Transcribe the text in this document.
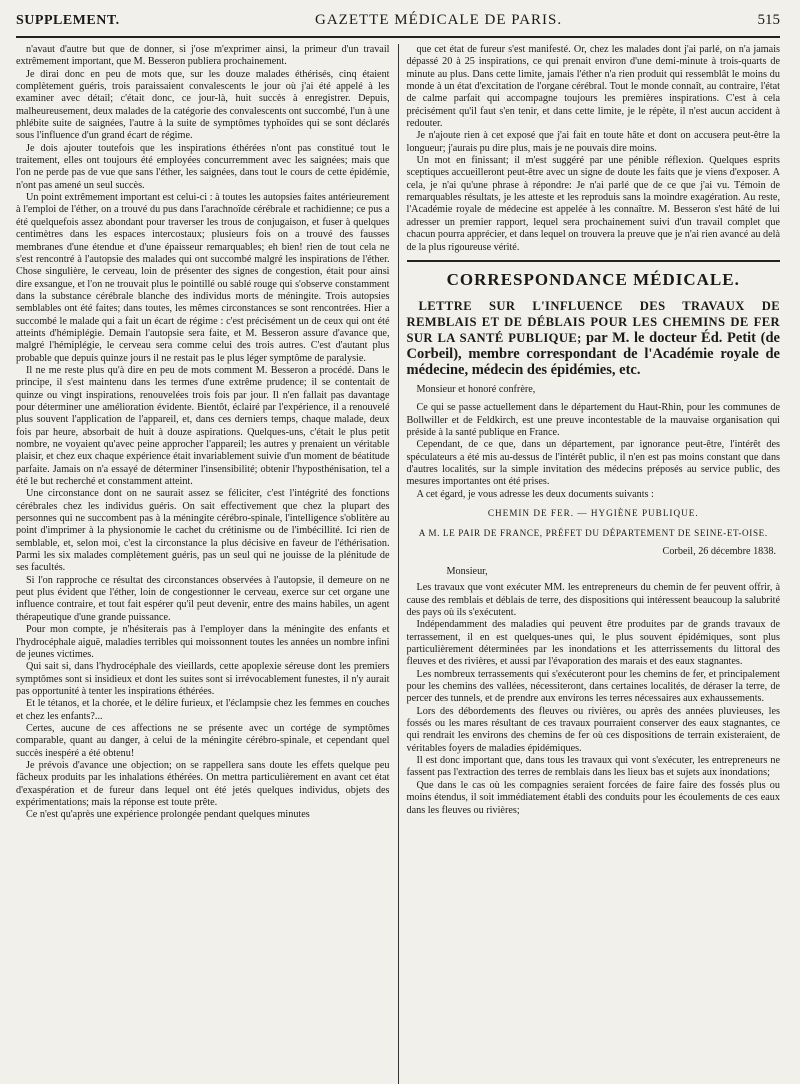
SUPPLEMENT.	GAZETTE MÉDICALE DE PARIS.	515

n'avaut d'autre but que de donner, si j'ose m'exprimer ainsi, la primeur d'un travail extrêmement important, que M. Besseron publiera prochainement.

Je dirai donc en peu de mots que, sur les douze malades éthérisés, cinq étaient complètement guéris, trois paraissaient convalescents le jour où j'ai été appelé à les examiner avec détail; c'était donc, ce jour-là, huit succès à enregistrer. Depuis, malheureusement, deux malades de la catégorie des convalescents ont succombé, l'un à une phlébite suite de saignées, l'autre à la suite de symptômes typhoïdes qui se sont déclarés sous l'influence d'un grand écart de régime.

Je dois ajouter toutefois que les inspirations éthérées n'ont pas constitué tout le traitement, elles ont toujours été employées concurremment avec les saignées; mais que l'on ne perde pas de vue que sans l'éther, les saignées, dans tout le cours de cette épidémie, n'ont pas amené un seul succès.

Un point extrêmement important est celui-ci : à toutes les autopsies faites antérieurement à l'emploi de l'éther, on a trouvé du pus dans l'arachnoïde cérébrale et rachidienne; ce pus a été quelquefois assez abondant pour traverser les trous de conjugaison, et fuser à quelques centimètres dans les espaces intercostaux; plusieurs fois on a trouvé des fausses membranes d'une étendue et d'une épaisseur remarquables; eh bien! rien de tout cela ne s'est rencontré à l'autopsie des malades qui ont succombé malgré les inspirations de l'éther. Chose singulière, le cerveau, loin de présenter des signes de congestion, était pour ainsi dire exsangue, et l'on ne trouvait plus le pointillé ou sablé rouge qui s'observe constamment dans la substance cérébrale blanche des individus morts de méningite. Trois autopsies semblables ont été faites; dans toutes, les mêmes circonstances se sont rencontrées. Hier a succombé le malade qui a fait un écart de régime : c'est précisément un de ceux qui ont été atteints d'hémiplégie. Demain l'autopsie sera faite, et M. Besseron assure d'avance que, malgré l'hémiplégie, le cerveau sera comme celui des trois autres. C'est d'autant plus probable que depuis quinze jours il ne restait pas le plus léger symptôme de paralysie.

Il ne me reste plus qu'à dire en peu de mots comment M. Besseron a procédé. Dans le principe, il s'est maintenu dans les termes d'une extrême prudence; il se contentait de quinze ou vingt inspirations, renouvelées trois fois par jour. Il n'en fallait pas davantage pour déterminer une amélioration évidente. Bientôt, éclairé par l'expérience, il a renouvelé plus souvent l'application de l'appareil, et, dans ces derniers temps, chaque malade, deux fois par heure, absorbait de huit à douze aspirations. Quelques-uns, c'était le plus petit nombre, ne voyaient qu'avec peine approcher l'appareil; les autres y prenaient un véritable plaisir, et chez eux chaque expérience était invariablement suivie d'un moment de béatitude parfaite. Jamais on n'a essayé de déterminer l'insensibilité; obtenir l'hyposthénisation, tel a été le but recherché et constamment atteint.

Une circonstance dont on ne saurait assez se féliciter, c'est l'intégrité des fonctions cérébrales chez les individus guéris. On sait effectivement que chez la plupart des personnes qui ne succombent pas à la méningite cérébro-spinale, l'intelligence s'oblitère au point d'imprimer à la physionomie le cachet du crétinisme ou de l'imbécillité. Ici rien de semblable, et, selon moi, c'est la circonstance la plus décisive en faveur de l'éthérisation. Parmi les six malades complètement guéris, pas un seul qui ne jouisse de la plénitude de ses facultés.

Si l'on rapproche ce résultat des circonstances observées à l'autopsie, il demeure on ne peut plus évident que l'éther, loin de congestionner le cerveau, exerce sur cet organe une influence contraire, et tout fait espérer qu'il peut devenir, entre des mains habiles, un agent thérapeutique d'une grande puissance.

Pour mon compte, je n'hésiterais pas à l'employer dans la méningite des enfants et l'hydrocéphale aiguë, maladies terribles qui moissonnent toutes les années un nombre infini de jeunes victimes.

Qui sait si, dans l'hydrocéphale des vieillards, cette apoplexie séreuse dont les premiers symptômes sont si insidieux et dont les suites sont si irrévocablement funestes, il n'y aurait pas opportunité à tenter les inspirations éthérées.

Et le tétanos, et la chorée, et le délire furieux, et l'éclampsie chez les femmes en couches et chez les enfants?...

Certes, aucune de ces affections ne se présente avec un cortége de symptômes comparable, quant au danger, à celui de la méningite cérébro-spinale, et cependant quel succès inespéré a été obtenu!

Je prévois d'avance une objection; on se rappellera sans doute les effets quelque peu fâcheux produits par les inhalations éthérées. On mettra particulièrement en avant cet état d'exaspération et de fureur dans lequel ont été jetés quelques individus, objets des expérimentations; mais la réponse est toute prête.

Ce n'est qu'après une expérience prolongée pendant quelques minutes

que cet état de fureur s'est manifesté. Or, chez les malades dont j'ai parlé, on n'a jamais dépassé 20 à 25 inspirations, ce qui prenait environ d'une demi-minute à trois-quarts de minute au plus. Dans cette limite, jamais l'éther n'a rien produit qui ressemblât le moins du monde à un état d'excitation de l'organe cérébral. Tout le monde connaît, au contraire, l'état de calme parfait qui accompagne toujours les premières inspirations. C'est à cela précisément qu'il faut s'en tenir, et dans cette limite, je le répète, il n'est aucun accident à redouter.

Je n'ajoute rien à cet exposé que j'ai fait en toute hâte et dont on accusera peut-être la longueur; j'aurais pu dire plus, mais je ne pouvais dire moins.

Un mot en finissant; il m'est suggéré par une pénible réflexion. Quelques esprits sceptiques accueilleront peut-être avec un signe de doute les faits que je viens d'exposer. A cela, je n'ai qu'une phrase à répondre: Je n'ai parlé que de ce que j'ai vu. Témoin de remarquables résultats, je les atteste et les reproduis sans la moindre exagération. Au reste, l'Académie royale de médecine est appelée à les connaître. M. Besseron s'est hâté de lui adresser un premier rapport, lequel sera prochainement suivi d'un travail complet que chacun pourra apprécier, et dans lequel on trouvera la preuve que je n'ai rien avancé au delà de la plus rigoureuse vérité.

CORRESPONDANCE MÉDICALE.
LETTRE SUR L'INFLUENCE DES TRAVAUX DE REMBLAIS ET DE DÉBLAIS POUR LES CHEMINS DE FER SUR LA SANTÉ PUBLIQUE; par M. le docteur Éd. Petit (de Corbeil), membre correspondant de l'Académie royale de médecine, médecin des épidémies, etc.

Monsieur et honoré confrère,

Ce qui se passe actuellement dans le département du Haut-Rhin, pour les communes de Bollwiller et de Feldkirch, est une preuve incontestable de la mauvaise organisation qui préside à la santé publique en France.

Cependant, de ce que, dans un département, par ignorance peut-être, l'intérêt des spéculateurs a été mis au-dessus de l'intérêt public, il n'en est pas moins constant que dans d'autres localités, sur la simple invitation des médecins préposés au service public, des mesures importantes ont été prises.

A cet égard, je vous adresse les deux documents suivants :

CHEMIN DE FER. — HYGIÈNE PUBLIQUE.

A M. LE PAIR DE FRANCE, PRÉFET DU DÉPARTEMENT DE SEINE-ET-OISE.

Corbeil, 26 décembre 1838.

Monsieur,

Les travaux que vont exécuter MM. les entrepreneurs du chemin de fer peuvent offrir, à cause des remblais et déblais de terre, des dispositions qui intéressent beaucoup la salubrité des pays où ils s'exécutent.

Indépendamment des maladies qui peuvent être produites par de grands travaux de terrassement, il en est quelques-unes qui, le plus souvent épidémiques, sont plus particulièrement déterminées par les inondations et les atterrissements du littoral des fleuves et des rivières, et aussi par l'évaporation des marais et des eaux stagnantes.

Les nombreux terrassements qui s'exécuteront pour les chemins de fer, et principalement pour les chemins des vallées, nécessiteront, dans certaines localités, de déraser la terre, de percer des tunnels, et de prendre aux environs les terres nécessaires aux exhaussements.

Lors des débordements des fleuves ou rivières, ou après des années pluvieuses, les fossés ou les mares résultant de ces travaux pourraient conserver des eaux stagnantes, ce qui rendrait les environs des chemins de fer où ces dispositions de terrain existeraient, de véritables foyers de maladies épidémiques.

Il est donc important que, dans tous les travaux qui vont s'exécuter, les entrepreneurs ne fassent pas l'extraction des terres de remblais dans les lieux bas et sujets aux inondations;

Que dans le cas où les compagnies seraient forcées de faire faire des fossés plus ou moins étendus, il soit immédiatement établi des conduits pour les écoulements de ces eaux dans les fleuves ou rivières;
